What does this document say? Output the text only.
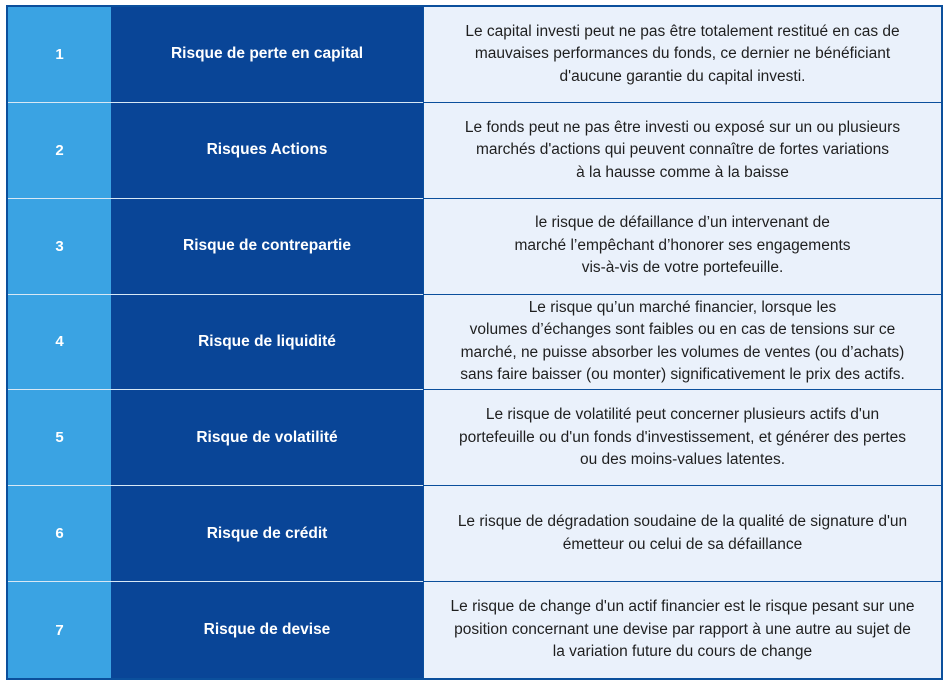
1	Risque de perte en capital
Le capital investi peut ne pas être totalement restitué en cas de
mauvaises performances du fonds, ce dernier ne bénéficiant
d'aucune garantie du capital investi.
2	Risques Actions
Le fonds peut ne pas être investi ou exposé sur un ou plusieurs
marchés d'actions qui peuvent connaître de fortes variations
à la hausse comme à la baisse
3	Risque de contrepartie
le risque de défaillance d’un intervenant de
marché l’empêchant d’honorer ses engagements
vis-à-vis de votre portefeuille.
4	Risque de liquidité
Le risque qu’un marché financier, lorsque les
volumes d’échanges sont faibles ou en cas de tensions sur ce
marché, ne puisse absorber les volumes de ventes (ou d’achats)
sans faire baisser (ou monter) significativement le prix des actifs.
5	Risque de volatilité
Le risque de volatilité peut concerner plusieurs actifs d'un
portefeuille ou d'un fonds d'investissement, et générer des pertes
ou des moins-values latentes.
6	Risque de crédit
Le risque de dégradation soudaine de la qualité de signature d'un
émetteur ou celui de sa défaillance
7	Risque de devise
Le risque de change d'un actif financier est le risque pesant sur une
position concernant une devise par rapport à une autre au sujet de
la variation future du cours de change
